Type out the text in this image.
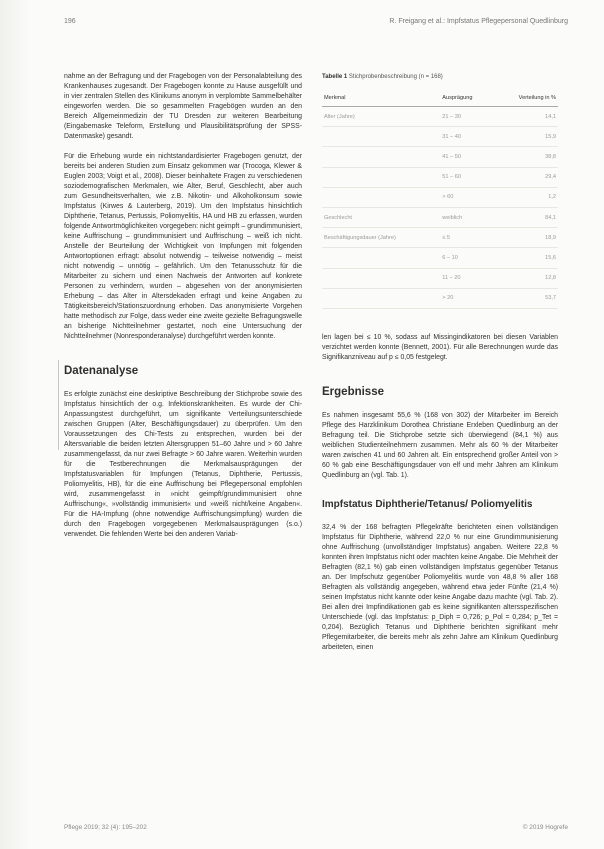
196	R. Freigang et al.: Impfstatus Pflegepersonal Quedlinburg

nahme an der Befragung und der Fragebogen von der Personalabteilung des Krankenhauses zugesandt. Der Fragebogen konnte zu Hause ausgefüllt und in vier zentralen Stellen des Klinikums anonym in verplombte Sammelbehälter eingeworfen werden. Die so gesammelten Fragebögen wurden an den Bereich Allgemeinmedizin der TU Dresden zur weiteren Bearbeitung (Eingabemaske Teleform, Erstellung und Plausibilitätsprüfung der SPSS-Datenmaske) gesandt.

Für die Erhebung wurde ein nichtstandardisierter Fragebogen genutzt, der bereits bei anderen Studien zum Einsatz gekommen war (Trocoga, Klewer & Euglen 2003; Voigt et al., 2008). Dieser beinhaltete Fragen zu verschiedenen soziodemografischen Merkmalen, wie Alter, Beruf, Geschlecht, aber auch zum Gesundheitsverhalten, wie z.B. Nikotin- und Alkoholkonsum sowie Impfstatus (Kirwes & Lauterberg, 2019). Um den Impfstatus hinsichtlich Diphtherie, Tetanus, Pertussis, Poliomyelitis, HA und HB zu erfassen, wurden folgende Antwortmöglichkeiten vorgegeben: nicht geimpft – grundimmunisiert, keine Auffrischung – grundimmunisiert und Auffrischung – weiß ich nicht. Anstelle der Beurteilung der Wichtigkeit von Impfungen mit folgenden Antwortoptionen erfragt: absolut notwendig – teilweise notwendig – meist nicht notwendig – unnötig – gefährlich. Um den Tetanusschutz für die Mitarbeiter zu sichern und einen Nachweis der Antworten auf konkrete Personen zu verhindern, wurden – abgesehen von der anonymisierten Erhebung – das Alter in Altersdekaden erfragt und keine Angaben zu Tätigkeitsbereich/Stationszuordnung erhoben. Das anonymisierte Vorgehen hatte methodisch zur Folge, dass weder eine zweite gezielte Befragungswelle an bisherige Nichtteilnehmer gestartet, noch eine Untersuchung der Nichtteilnehmer (Nonresponderanalyse) durchgeführt werden konnte.

Datenanalyse

Es erfolgte zunächst eine deskriptive Beschreibung der Stichprobe sowie des Impfstatus hinsichtlich der o.g. Infektionskrankheiten. Es wurde der Chi-Anpassungstest durchgeführt, um signifikante Verteilungsunterschiede zwischen Gruppen (Alter, Beschäftigungsdauer) zu überprüfen. Um den Voraussetzungen des Chi-Tests zu entsprechen, wurden bei der Altersvariable die beiden letzten Altersgruppen 51–60 Jahre und > 60 Jahre zusammengefasst, da nur zwei Befragte > 60 Jahre waren. Weiterhin wurden für die Testberechnungen die Merkmalsausprägungen der Impfstatusvariablen für Impfungen (Tetanus, Diphtherie, Pertussis, Poliomyelitis, HB), für die eine Auffrischung bei Pflegepersonal empfohlen wird, zusammengefasst in »nicht geimpft/grundimmunisiert ohne Auffrischung«, »vollständig immunisiert« und »weiß nicht/keine Angaben«. Für die HA-Impfung (ohne notwendige Auffrischungsimpfung) wurden die durch den Fragebogen vorgegebenen Merkmalsausprägungen (s.o.) verwendet. Die fehlenden Werte bei den anderen Variab-

Tabelle 1 Stichprobenbeschreibung (n = 168)
Merkmal	Ausprägung	Verteilung in %
Alter (Jahre)	21 – 30	14,1
	31 – 40	15,9
	41 – 50	38,8
	51 – 60	29,4
	> 60	1,2
Geschlecht	weiblich	84,1
Beschäftigungsdauer (Jahre)	≤ 5	18,9
	6 – 10	15,6
	11 – 20	12,8
	> 20	53,7

len lagen bei ≤ 10 %, sodass auf Missingindikatoren bei diesen Variablen verzichtet werden konnte (Bennett, 2001). Für alle Berechnungen wurde das Signifikanzniveau auf p ≤ 0,05 festgelegt.

Ergebnisse

Es nahmen insgesamt 55,6 % (168 von 302) der Mitarbeiter im Bereich Pflege des Harzklinikum Dorothea Christiane Erxleben Quedlinburg an der Befragung teil. Die Stichprobe setzte sich überwiegend (84,1 %) aus weiblichen Studienteilnehmern zusammen. Mehr als 60 % der Mitarbeiter waren zwischen 41 und 60 Jahren alt. Ein entsprechend großer Anteil von > 60 % gab eine Beschäftigungsdauer von elf und mehr Jahren am Klinikum Quedlinburg an (vgl. Tab. 1).

Impfstatus Diphtherie/Tetanus/ Poliomyelitis

32,4 % der 168 befragten Pflegekräfte berichteten einen vollständigen Impfstatus für Diphtherie, während 22,0 % nur eine Grundimmunisierung ohne Auffrischung (unvollständiger Impfstatus) angaben. Weitere 22,8 % konnten ihren Impfstatus nicht oder machten keine Angabe. Die Mehrheit der Befragten (82,1 %) gab einen vollständigen Impfstatus gegenüber Tetanus an. Der Impfschutz gegenüber Poliomyelitis wurde von 48,8 % aller 168 Befragten als vollständig angegeben, während etwa jeder Fünfte (21,4 %) seinen Impfstatus nicht kannte oder keine Angabe dazu machte (vgl. Tab. 2). Bei allen drei Impfindikationen gab es keine signifikanten altersspezifischen Unterschiede (vgl. das Impfstatus: p_Diph = 0,726; p_Pol = 0,284; p_Tet = 0,204). Bezüglich Tetanus und Diphtherie berichten signifikant mehr Pflegemitarbeiter, die bereits mehr als zehn Jahre am Klinikum Quedlinburg arbeiteten, einen

Pflege 2019; 32 (4): 195–202	© 2019 Hogrefe
